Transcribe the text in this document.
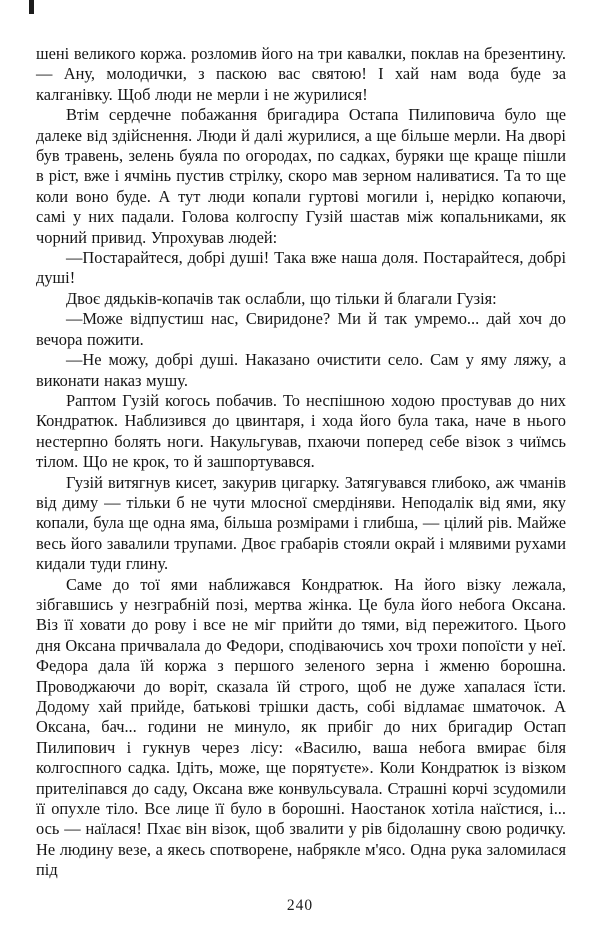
шені великого коржа. розломив його на три кавалки, поклав на брезентину. — Ану, молодички, з паскою вас святою! І хай нам вода буде за калганівку. Щоб люди не мерли і не журилися!

Втім сердечне побажання бригадира Остапа Пилиповича було ще далеке від здійснення. Люди й далі журилися, а ще більше мерли. На дворі був травень, зелень буяла по огородах, по садках, буряки ще краще пішли в ріст, вже і ячмінь пустив стрілку, скоро мав зерном наливатися. Та то ще коли воно буде. А тут люди копали гуртові могили і, нерідко копаючи, самі у них падали. Голова колгоспу Гузій шастав між копальниками, як чорний привид. Упрохував людей:

—Постарайтеся, добрі душі! Така вже наша доля. Постарайтеся, добрі душі!

Двоє дядьків-копачів так ослабли, що тільки й благали Гузія:

—Може відпустиш нас, Свиридоне? Ми й так умремо... дай хоч до вечора пожити.

—Не можу, добрі душі. Наказано очистити село. Сам у яму ляжу, а виконати наказ мушу.

Раптом Гузій когось побачив. То неспішною ходою простував до них Кондратюк. Наблизився до цвинтаря, і хода його була така, наче в нього нестерпно болять ноги. Накульгував, пхаючи поперед себе візок з чиїмсь тілом. Що не крок, то й зашпортувався.

Гузій витягнув кисет, закурив цигарку. Затягувався глибоко, аж чманів від диму — тільки б не чути млосної смердіняви. Неподалік від ями, яку копали, була ще одна яма, більша розмірами і глибша, — цілий рів. Майже весь його завалили трупами. Двоє грабарів стояли окрай і млявими рухами кидали туди глину.

Саме до тої ями наближався Кондратюк. На його візку лежала, зібгавшись у незграбній позі, мертва жінка. Це була його небога Оксана. Віз її ховати до рову і все не міг прийти до тями, від пережитого. Цього дня Оксана причвалала до Федори, сподіваючись хоч трохи попоїсти у неї. Федора дала їй коржа з першого зеленого зерна і жменю борошна. Проводжаючи до воріт, сказала їй строго, щоб не дуже хапалася їсти. Додому хай прийде, батькові трішки дасть, собі відламає шматочок. А Оксана, бач... години не минуло, як прибіг до них бригадир Остап Пилипович і гукнув через лісу: «Василю, ваша небога вмирає біля колгоспного садка. Ідіть, може, ще порятуєте». Коли Кондратюк із візком прителіпався до саду, Оксана вже конвульсувала. Страшні корчі зсудомили її опухле тіло. Все лице її було в борошні. Наостанок хотіла наїстися, і... ось — наїлася! Пхає він візок, щоб звалити у рів бідолашну свою родичку. Не людину везе, а якесь спотворене, набрякле м'ясо. Одна рука заломилася під

240
